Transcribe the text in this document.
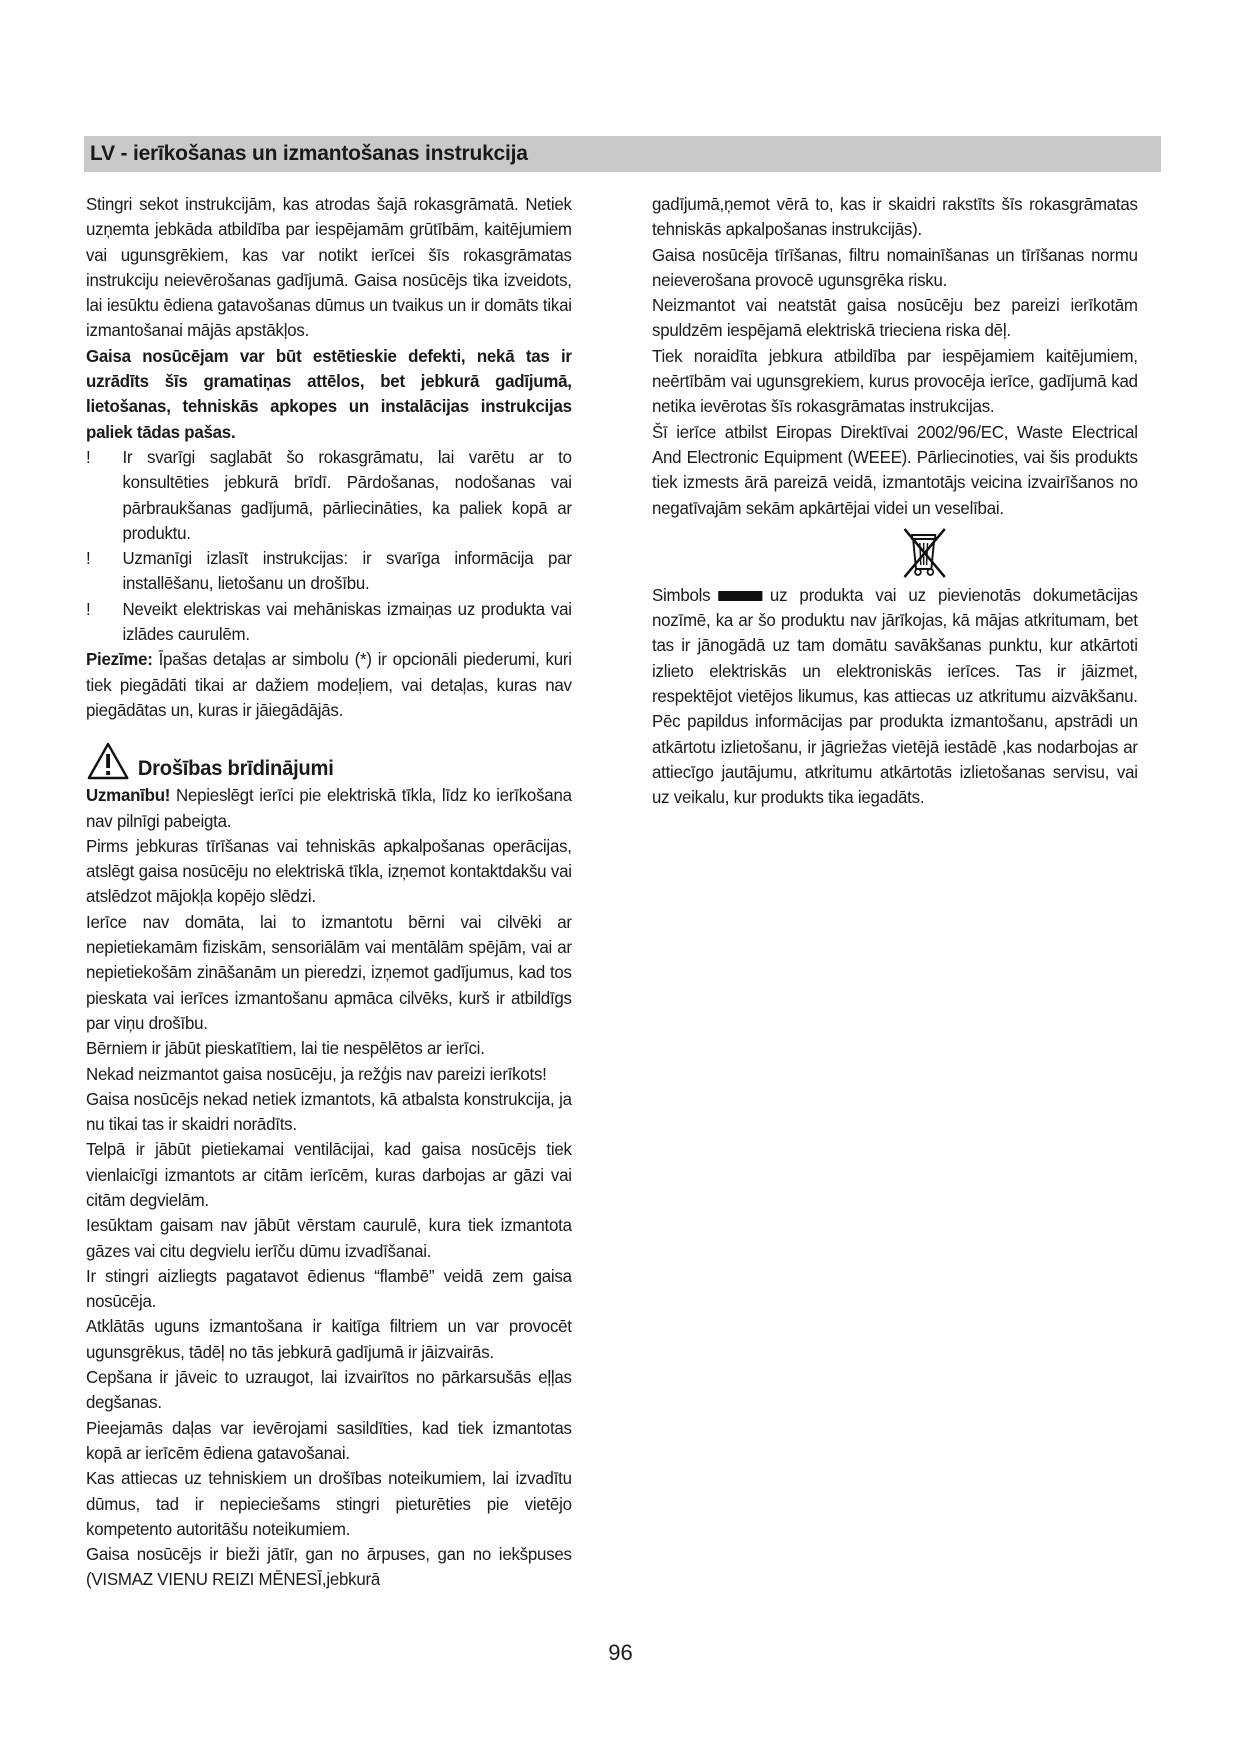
LV - ierīkošanas un izmantošanas instrukcija

Stingri sekot instrukcijām, kas atrodas šajā rokasgrāmatā. Netiek uzņemta jebkāda atbildība par iespējamām grūtībām, kaitējumiem vai ugunsgrēkiem, kas var notikt ierīcei šīs rokasgrāmatas instrukciju neievērošanas gadījumā. Gaisa nosūcējs tika izveidots, lai iesūktu ēdiena gatavošanas dūmus un tvaikus un ir domāts tikai izmantošanai mājās apstākļos.

Gaisa nosūcējam var būt estētieskie defekti, nekā tas ir uzrādīts šīs gramatiņas attēlos, bet jebkurā gadījumā, lietošanas, tehniskās apkopes un instalācijas instrukcijas paliek tādas pašas.

! Ir svarīgi saglabāt šo rokasgrāmatu, lai varētu ar to konsultēties jebkurā brīdī. Pārdošanas, nodošanas vai pārbraukšanas gadījumā, pārliecināties, ka paliek kopā ar produktu.
! Uzmanīgi izlasīt instrukcijas: ir svarīga informācija par installēšanu, lietošanu un drošību.
! Neveikt elektriskas vai mehāniskas izmaiņas uz produkta vai izlādes caurulēm.

Piezīme: Īpašas detaļas ar simbolu (*) ir opcionāli piederumi, kuri tiek piegādāti tikai ar dažiem modeļiem, vai detaļas, kuras nav piegādātas un, kuras ir jāiegādājās.

Drošības brīdinājumi

Uzmanību! Nepieslēgt ierīci pie elektriskā tīkla, līdz ko ierīkošana nav pilnīgi pabeigta.

Pirms jebkuras tīrīšanas vai tehniskās apkalpošanas operācijas, atslēgt gaisa nosūcēju no elektriskā tīkla, izņemot kontaktdakšu vai atslēdzot mājokļa kopējo slēdzi.

Ierīce nav domāta, lai to izmantotu bērni vai cilvēki ar nepietiekamām fiziskām, sensoriālām vai mentālām spējām, vai ar nepietiekošām zināšanām un pieredzi, izņemot gadījumus, kad tos pieskata vai ierīces izmantošanu apmāca cilvēks, kurš ir atbildīgs par viņu drošību.

Bērniem ir jābūt pieskatītiem, lai tie nespēlētos ar ierīci.

Nekad neizmantot gaisa nosūcēju, ja režģis nav pareizi ierīkots!

Gaisa nosūcējs nekad netiek izmantots, kā atbalsta konstrukcija, ja nu tikai tas ir skaidri norādīts.

Telpā ir jābūt pietiekamai ventilācijai, kad gaisa nosūcējs tiek vienlaicīgi izmantots ar citām ierīcēm, kuras darbojas ar gāzi vai citām degvielām.

Iesūktam gaisam nav jābūt vērstam caurulē, kura tiek izmantota gāzes vai citu degvielu ierīču dūmu izvadīšanai.

Ir stingri aizliegts pagatavot ēdienus “flambē” veidā zem gaisa nosūcēja.

Atklātās uguns izmantošana ir kaitīga filtriem un var provocēt ugunsgrēkus, tādēļ no tās jebkurā gadījumā ir jāizvairās.

Cepšana ir jāveic to uzraugot, lai izvairītos no pārkarsušās eļļas degšanas.

Pieejamās daļas var ievērojami sasildīties, kad tiek izmantotas kopā ar ierīcēm ēdiena gatavošanai.

Kas attiecas uz tehniskiem un drošības noteikumiem, lai izvadītu dūmus, tad ir nepieciešams stingri pieturēties pie vietējo kompetento autoritāšu noteikumiem.

Gaisa nosūcējs ir bieži jātīr, gan no ārpuses, gan no iekšpuses (VISMAZ VIENU REIZI MĒNESĪ,jebkurā

gadījumā,ņemot vērā to, kas ir skaidri rakstīts šīs rokasgrāmatas tehniskās apkalpošanas instrukcijās).

Gaisa nosūcēja tīrīšanas, filtru nomainīšanas un tīrīšanas normu neieverošana provocē ugunsgrēka risku.

Neizmantot vai neatstāt gaisa nosūcēju bez pareizi ierīkotām spuldzēm iespējamā elektriskā trieciena riska dēļ.

Tiek noraidīta jebkura atbildība par iespējamiem kaitējumiem, neērtībām vai ugunsgrekiem, kurus provocēja ierīce, gadījumā kad netika ievērotas šīs rokasgrāmatas instrukcijas.

Šī ierīce atbilst Eiropas Direktīvai 2002/96/EC, Waste Electrical And Electronic Equipment (WEEE). Pārliecinoties, vai šis produkts tiek izmests ārā pareizā veidā, izmantotājs veicina izvairīšanos no negatīvajām sekām apkārtējai videi un veselībai.

Simbols	uz produkta vai uz pievienotās dokumetācijas nozīmē, ka ar šo produktu nav jārīkojas, kā mājas atkritumam, bet tas ir jānogādā uz tam domātu savākšanas punktu, kur atkārtoti izlieto elektriskās un elektroniskās ierīces. Tas ir jāizmet, respektējot vietējos likumus, kas attiecas uz atkritumu aizvākšanu. Pēc papildus informācijas par produkta izmantošanu, apstrādi un atkārtotu izlietošanu, ir jāgriežas vietējā iestādē ,kas nodarbojas ar attiecīgo jautājumu, atkritumu atkārtotās izlietošanas servisu, vai uz veikalu, kur produkts tika iegadāts.

96
